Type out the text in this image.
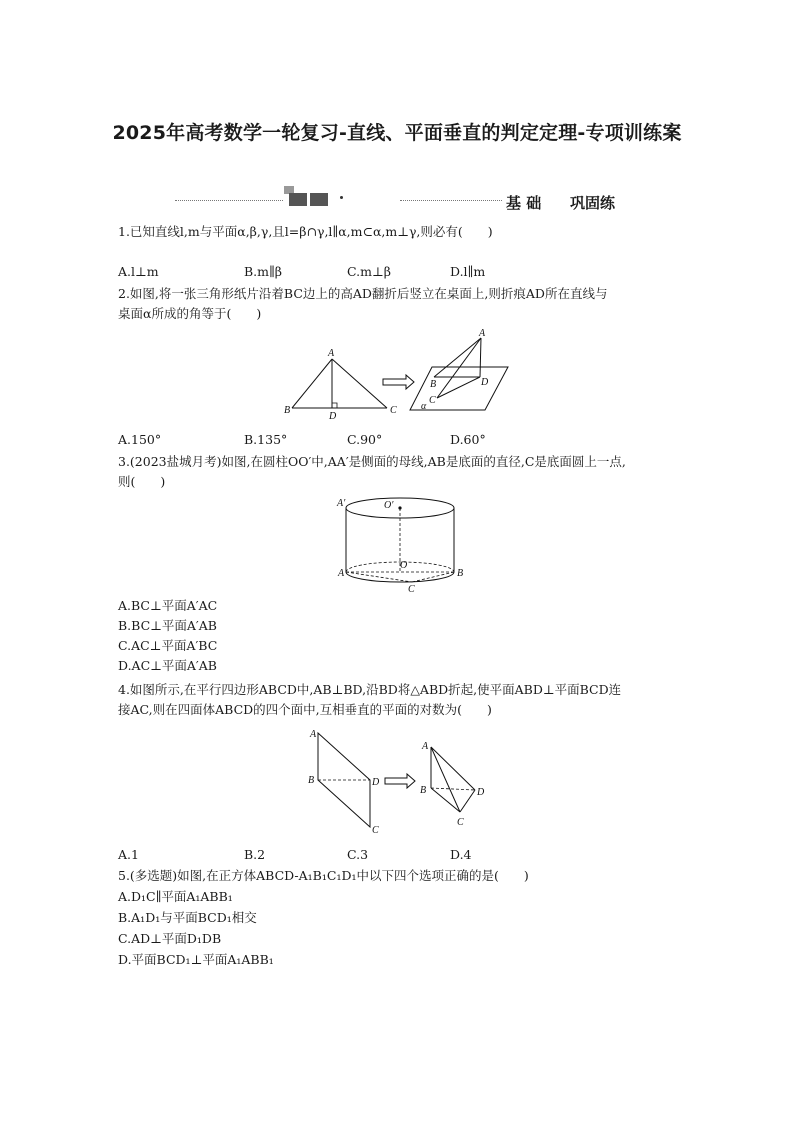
2025年高考数学一轮复习-直线、平面垂直的判定定理-专项训练案
基 础 巩固练
1.已知直线l,m与平面α,β,γ,且l=β∩γ,l∥α,m⊂α,m⊥γ,则必有(　　)
A.l⊥m	B.m∥β	C.m⊥β	D.l∥m
2.如图,将一张三角形纸片沿着BC边上的高AD翻折后竖立在桌面上,则折痕AD所在直线与
桌面α所成的角等于(　　)
A
B	C
D
A
B	D
C
α
A.150°	B.135°	C.90°	D.60°
3.(2023盐城月考)如图,在圆柱OO′中,AA′是侧面的母线,AB是底面的直径,C是底面圆上一点,
则(　　)
A′	O′
A
O
B
C
A.BC⊥平面A′AC
B.BC⊥平面A′AB
C.AC⊥平面A′BC
D.AC⊥平面A′AB
4.如图所示,在平行四边形ABCD中,AB⊥BD,沿BD将△ABD折起,使平面ABD⊥平面BCD连
接AC,则在四面体ABCD的四个面中,互相垂直的平面的对数为(　　)
A
B	D
C
A
B	D
C
A.1	B.2	C.3	D.4
5.(多选题)如图,在正方体ABCD-A₁B₁C₁D₁中以下四个选项正确的是(　　)
A.D₁C∥平面A₁ABB₁
B.A₁D₁与平面BCD₁相交
C.AD⊥平面D₁DB
D.平面BCD₁⊥平面A₁ABB₁
